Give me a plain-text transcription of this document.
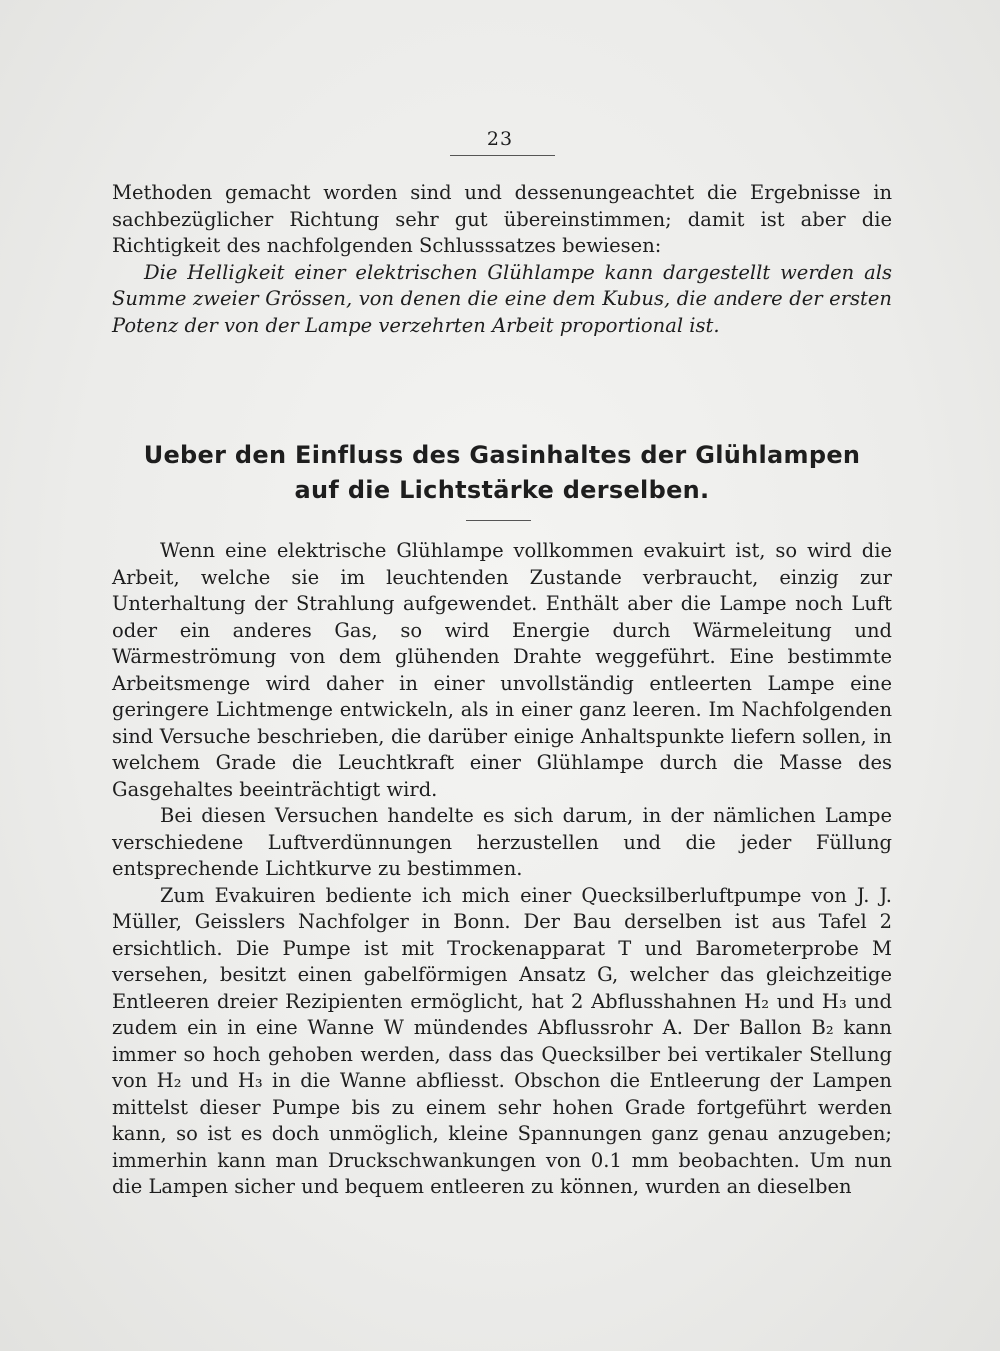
23

Methoden gemacht worden sind und dessenungeachtet die Ergebnisse in sachbezüglicher Richtung sehr gut übereinstimmen; damit ist aber die Richtigkeit des nachfolgenden Schlusssatzes bewiesen:

Die Helligkeit einer elektrischen Glühlampe kann dargestellt werden als Summe zweier Grössen, von denen die eine dem Kubus, die andere der ersten Potenz der von der Lampe verzehrten Arbeit proportional ist.

Ueber den Einfluss des Gasinhaltes der Glühlampen
auf die Lichtstärke derselben.

Wenn eine elektrische Glühlampe vollkommen evakuirt ist, so wird die Arbeit, welche sie im leuchtenden Zustande verbraucht, einzig zur Unterhaltung der Strahlung aufgewendet. Enthält aber die Lampe noch Luft oder ein anderes Gas, so wird Energie durch Wärmeleitung und Wärmeströmung von dem glühenden Drahte weggeführt. Eine bestimmte Arbeitsmenge wird daher in einer unvollständig entleerten Lampe eine geringere Lichtmenge entwickeln, als in einer ganz leeren. Im Nachfolgenden sind Versuche beschrieben, die darüber einige Anhaltspunkte liefern sollen, in welchem Grade die Leuchtkraft einer Glühlampe durch die Masse des Gasgehaltes beeinträchtigt wird.

Bei diesen Versuchen handelte es sich darum, in der nämlichen Lampe verschiedene Luftverdünnungen herzustellen und die jeder Füllung entsprechende Lichtkurve zu bestimmen.

Zum Evakuiren bediente ich mich einer Quecksilberluftpumpe von J. J. Müller, Geisslers Nachfolger in Bonn. Der Bau derselben ist aus Tafel 2 ersichtlich. Die Pumpe ist mit Trockenapparat T und Barometerprobe M versehen, besitzt einen gabelförmigen Ansatz G, welcher das gleichzeitige Entleeren dreier Rezipienten ermöglicht, hat 2 Abflusshahnen H₂ und H₃ und zudem ein in eine Wanne W mündendes Abflussrohr A. Der Ballon B₂ kann immer so hoch gehoben werden, dass das Quecksilber bei vertikaler Stellung von H₂ und H₃ in die Wanne abfliesst. Obschon die Entleerung der Lampen mittelst dieser Pumpe bis zu einem sehr hohen Grade fortgeführt werden kann, so ist es doch unmöglich, kleine Spannungen ganz genau anzugeben; immerhin kann man Druckschwankungen von 0.1 mm beobachten. Um nun die Lampen sicher und bequem entleeren zu können, wurden an dieselben
